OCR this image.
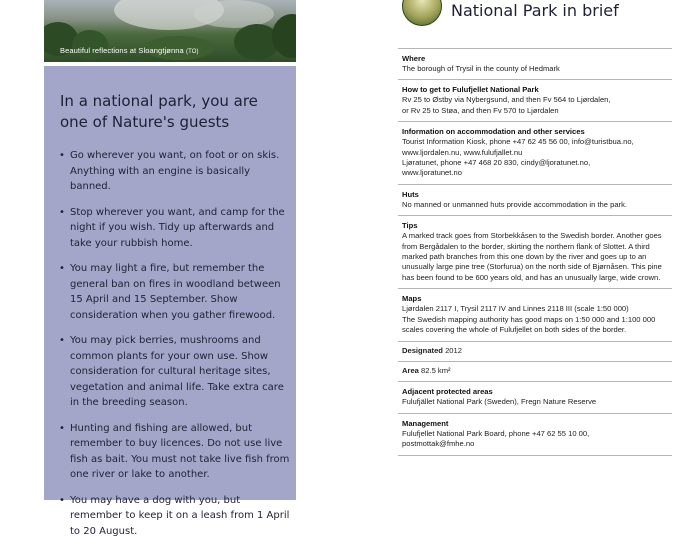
Beautiful reflections at Sloangtjønna (TO)
In a national park, you are one of Nature's guests
• Go wherever you want, on foot or on skis. Anything with an engine is basically banned.
• Stop wherever you want, and camp for the night if you wish. Tidy up afterwards and take your rubbish home.
• You may light a fire, but remember the general ban on fires in woodland between 15 April and 15 September. Show consideration when you gather firewood.
• You may pick berries, mushrooms and common plants for your own use. Show consideration for cultural heritage sites, vegetation and animal life. Take extra care in the breeding season.
• Hunting and fishing are allowed, but remember to buy licences. Do not use live fish as bait. You must not take live fish from one river or lake to another.
• You may have a dog with you, but remember to keep it on a leash from 1 April to 20 August.
National Park in brief
Where
The borough of Trysil in the county of Hedmark
How to get to Fulufjellet National Park
Rv 25 to Østby via Nybergsund, and then Fv 564 to Ljørdalen,
or Rv 25 to Støa, and then Fv 570 to Ljørdalen
Information on accommodation and other services
Tourist Information Kiosk, phone +47 62 45 56 00, info@turistbua.no,
www.ljordalen.nu, www.fulufjallet.nu
Ljøratunet, phone +47 468 20 830, cindy@ljoratunet.no,
www.ljoratunet.no
Huts
No manned or unmanned huts provide accommodation in the park.
Tips
A marked track goes from Storbekkåsen to the Swedish border. Another goes from Bergådalen to the border, skirting the northern flank of Slottet. A third marked path branches from this one down by the river and goes up to an unusually large pine tree (Storfurua) on the north side of Bjørnåsen. This pine has been found to be 600 years old, and has an unusually large, wide crown.
Maps
Ljørdalen 2117 I, Trysil 2117 IV and Linnes 2118 III (scale 1:50 000)
The Swedish mapping authority has good maps on 1:50 000 and 1:100 000 scales covering the whole of Fulufjellet on both sides of the border.
Designated 2012
Area 82.5 km²
Adjacent protected areas
Fulufjället National Park (Sweden), Fregn Nature Reserve
Management
Fulufjellet National Park Board, phone +47 62 55 10 00,
postmottak@fmhe.no
